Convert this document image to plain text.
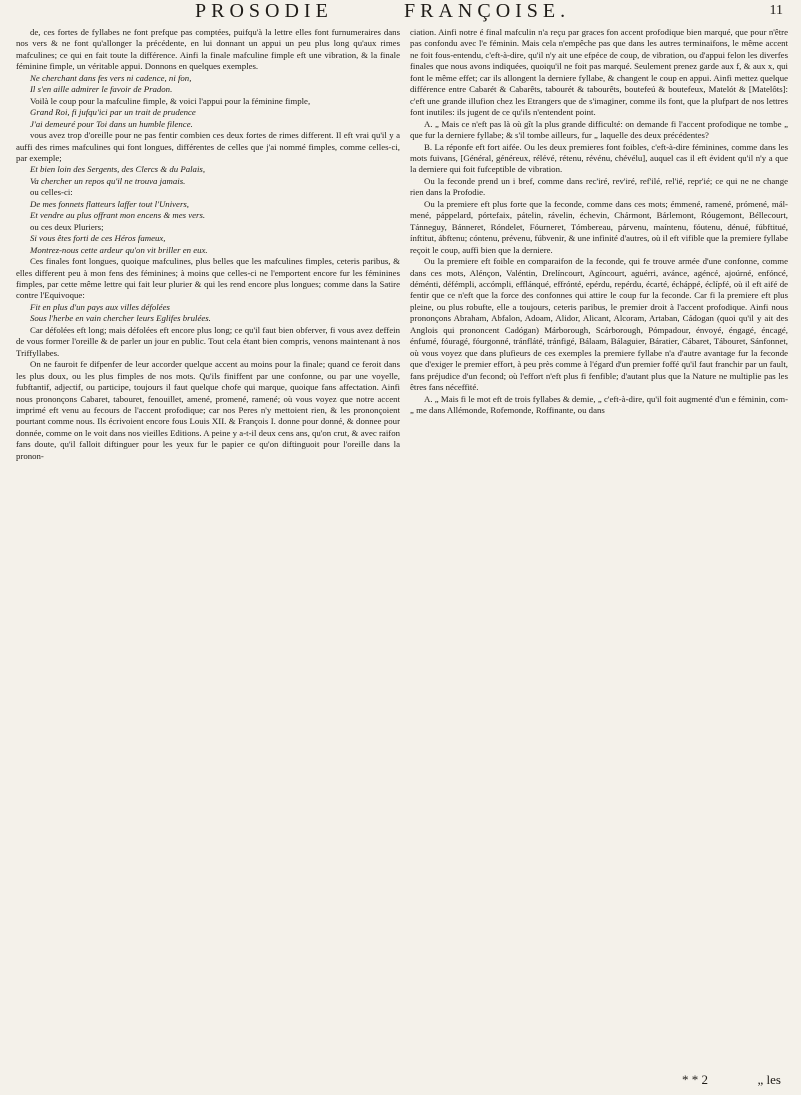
PROSODIE	FRANÇOISE.	11

de, ces fortes de fyllabes ne font prefque pas comptées, puifqu'à la lettre elles font furnumeraires dans nos vers & ne font qu'allonger la précédente, en lui donnant un appui un peu plus long qu'aux rimes mafculines; ce qui en fait toute la différence. Ainfi la finale mafculine fimple eft une vibration, & la finale féminine fimple, un véritable appui. Donnons en quelques exemples.

Ne cherchant dans fes vers ni cadence, ni fon,

Il s'en aille admirer le favoir de Pradon.

Voilà le coup pour la mafculine fimple, & voici l'appui pour la féminine fimple,

Grand Roi, fi jufqu'ici par un trait de prudence

J'ai demeuré pour Toi dans un humble filence.

vous avez trop d'oreille pour ne pas fentir combien ces deux fortes de rimes different. Il eft vrai qu'il y a auffi des rimes mafculines qui font longues, différentes de celles que j'ai nommé fimples, comme celles-ci, par exemple;

Et bien loin des Sergents, des Clercs & du Palais,

Va chercher un repos qu'il ne trouva jamais.

ou celles-ci:

De mes fonnets flatteurs laffer tout l'Univers,

Et vendre au plus offrant mon encens & mes vers.

ou ces deux Pluriers;

Si vous êtes forti de ces Héros fameux,

Montrez-nous cette ardeur qu'on vit briller en eux.

Ces finales font longues, quoique mafculines, plus belles que les mafculines fimples, ceteris paribus, & elles different peu à mon fens des féminines; à moins que celles-ci ne l'emportent encore fur les féminines fimples, par cette même lettre qui fait leur plurier & qui les rend encore plus longues; comme dans la Satire contre l'Equivoque:

Fit en plus d'un pays aux villes défolées

Sous l'herbe en vain chercher leurs Eglifes brulées.

Car défolées eft long; mais défolées eft encore plus long; ce qu'il faut bien obferver, fi vous avez deffein de vous former l'oreille & de parler un jour en public. Tout cela étant bien compris, venons maintenant à nos Triffyllabes.

On ne fauroit fe difpenfer de leur accorder quelque accent au moins pour la finale; quand ce feroit dans les plus doux, ou les plus fimples de nos mots. Qu'ils finiffent par une confonne, ou par une voyelle, fubftantif, adjectif, ou participe, toujours il faut quelque chofe qui marque, quoique fans affectation. Ainfi nous prononçons Cabaret, tabouret, fenouillet, amené, promené, ramené; où vous voyez que notre accent imprimé eft venu au fecours de l'accent profodique; car nos Peres n'y mettoient rien, & les prononçoient pourtant comme nous. Ils écrivoient encore fous Louis XII. & François I. donne pour donné, & donnee pour donnée, comme on le voit dans nos vieilles Editions. A peine y a-t-il deux cens ans, qu'on crut, & avec raifon fans doute, qu'il falloit diftinguer pour les yeux fur le papier ce qu'on diftinguoit pour l'oreille dans la pronon-

ciation. Ainfi notre é final mafculin n'a reçu par graces fon accent profodique bien marqué, que pour n'être pas confondu avec l'e féminin. Mais cela n'empêche pas que dans les autres terminaifons, le même accent ne foit fous-entendu, c'eft-à-dire, qu'il n'y ait une efpéce de coup, de vibration, ou d'appui felon les diverfes finales que nous avons indiquées, quoiqu'il ne foit pas marqué. Seulement prenez garde aux f, & aux x, qui font le même effet; car ils allongent la derniere fyllabe, & changent le coup en appui. Ainfi mettez quelque différence entre Cabarét & Cabarêts, tabourét & tabourêts, boutefeú & boutefeux, Matelót & [Matelôts]: c'eft une grande illufion chez les Etrangers que de s'imaginer, comme ils font, que la plufpart de nos lettres font inutiles: ils jugent de ce qu'ils n'entendent point.

A. „ Mais ce n'eft pas là où gît la plus grande difficulté: on demande fi l'accent profodique ne tombe „ que fur la derniere fyllabe; & s'il tombe ailleurs, fur „ laquelle des deux précédentes?

B. La réponfe eft fort aifée. Ou les deux premieres font foibles, c'eft-à-dire féminines, comme dans les mots fuivans, [Général, généreux, rélévé, rétenu, révénu, chévélu], auquel cas il eft évident qu'il n'y a que la derniere qui foit fufceptible de vibration.

Ou la feconde prend un i bref, comme dans rec'iré, rev'iré, ref'ilé, rel'ié, repr'ié; ce qui ne ne change rien dans la Profodie.

Ou la premiere eft plus forte que la feconde, comme dans ces mots; émmené, ramené, prómené, mál-mené, páppelard, pórtefaix, pátelin, rávelin, échevin, Chármont, Bárlemont, Róugemont, Béllecourt, Tánneguy, Bánneret, Róndelet, Fóurneret, Tómbereau, párvenu, maíntenu, fóutenu, dénué, fúbftitué, ínftitut, ábftenu; cóntenu, prévenu, fúbvenir, & une infinité d'autres, où il eft vifible que la premiere fyllabe reçoit le coup, auffi bien que la derniere.

Ou la premiere eft foible en comparaifon de la feconde, qui fe trouve armée d'une confonne, comme dans ces mots, Alénçon, Valéntin, Drelíncourt, Agíncourt, aguérri, avánce, agéncé, ajoúrné, enfóncé, déménti, défémpli, accómpli, efflánqué, effrónté, epérdu, repérdu, écarté, écháppé, éclípfé, où il eft aifé de fentir que ce n'eft que la force des confonnes qui attire le coup fur la feconde. Car fi la premiere eft plus pleine, ou plus robufte, elle a toujours, ceteris paribus, le premier droit à l'accent profodique. Ainfi nous prononçons Abraham, Abfalon, Adoam, Alidor, Alicant, Alcoram, Artaban, Cádogan (quoi qu'il y ait des Anglois qui prononcent Cadógan) Márborough, Scárborough, Pómpadour, énvoyé, éngagé, éncagé, énfumé, fóuragé, fóurgonné, tránfláté, tránfigé, Bálaam, Bálaguier, Báratier, Cábaret, Tábouret, Sánfonnet, où vous voyez que dans plufieurs de ces exemples la premiere fyllabe n'a d'autre avantage fur la feconde que d'exiger le premier effort, à peu près comme à l'égard d'un premier foffé qu'il faut franchir par un fault, fans préjudice d'un fecond; où l'effort n'eft plus fi fenfible; d'autant plus que la Nature ne multiplie pas les êtres fans néceffité.

A. „ Mais fi le mot eft de trois fyllabes & demie, „ c'eft-à-dire, qu'il foit augmenté d'un e féminin, com- „ me dans Allémonde, Rofemonde, Roffinante, ou dans

* * 2	„ les
